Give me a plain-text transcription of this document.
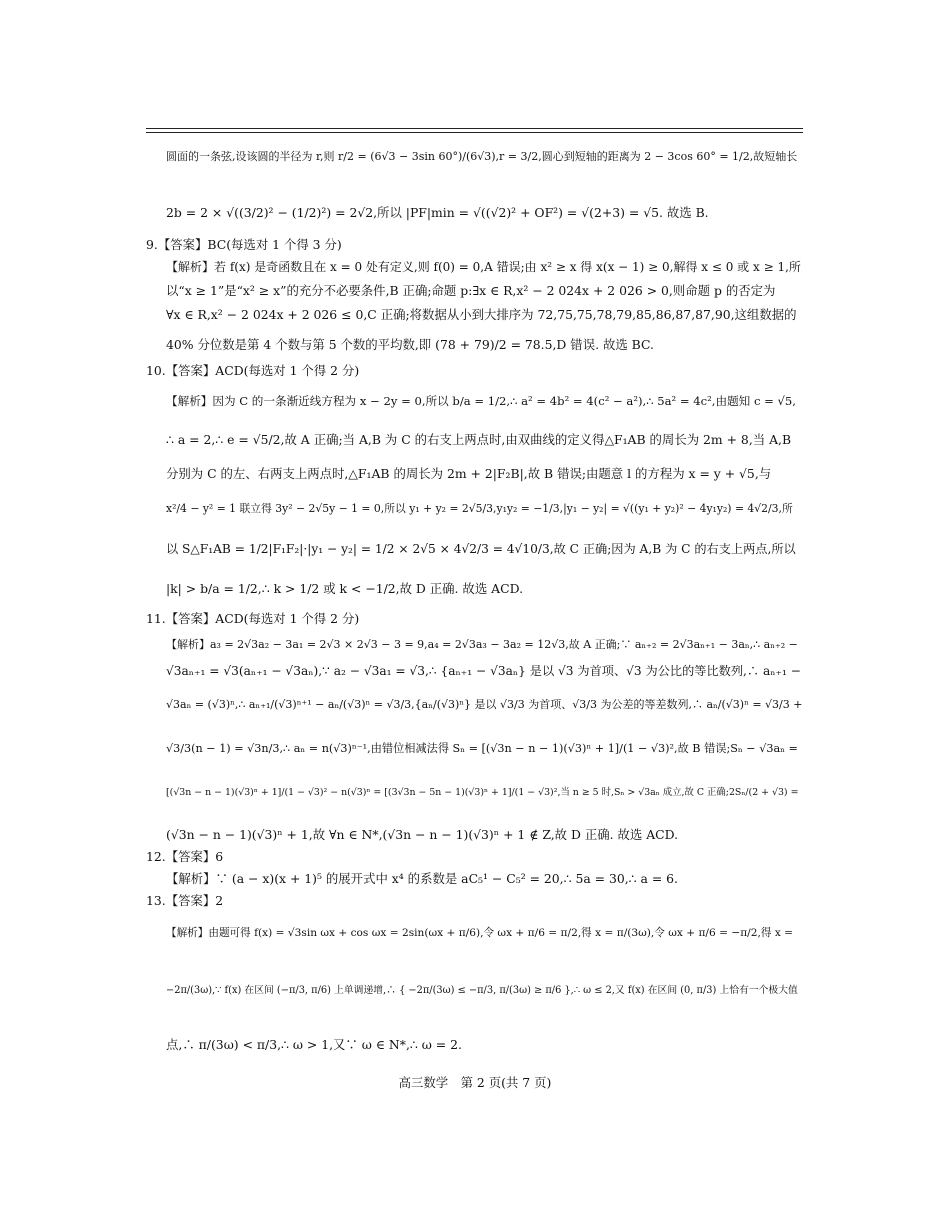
圆面的一条弦,设该圆的半径为 r,则 r/2 = (6√3 − 3sin 60°)/(6√3),r = 3/2,圆心到短轴的距离为 2 − 3cos 60° = 1/2,故短轴长
2b = 2 × √((3/2)² − (1/2)²) = 2√2,所以 |PF|min = √((√2)² + OF²) = √(2+3) = √5. 故选 B.
9.【答案】BC(每选对 1 个得 3 分)
【解析】若 f(x) 是奇函数且在 x = 0 处有定义,则 f(0) = 0,A 错误;由 x² ≥ x 得 x(x − 1) ≥ 0,解得 x ≤ 0 或 x ≥ 1,所
以“x ≥ 1”是“x² ≥ x”的充分不必要条件,B 正确;命题 p:∃x ∈ R,x² − 2 024x + 2 026 > 0,则命题 p 的否定为
∀x ∈ R,x² − 2 024x + 2 026 ≤ 0,C 正确;将数据从小到大排序为 72,75,75,78,79,85,86,87,87,90,这组数据的
40% 分位数是第 4 个数与第 5 个数的平均数,即 (78 + 79)/2 = 78.5,D 错误. 故选 BC.
10.【答案】ACD(每选对 1 个得 2 分)
【解析】因为 C 的一条渐近线方程为 x − 2y = 0,所以 b/a = 1/2,∴ a² = 4b² = 4(c² − a²),∴ 5a² = 4c²,由题知 c = √5,
∴ a = 2,∴ e = √5/2,故 A 正确;当 A,B 为 C 的右支上两点时,由双曲线的定义得△F₁AB 的周长为 2m + 8,当 A,B
分别为 C 的左、右两支上两点时,△F₁AB 的周长为 2m + 2|F₂B|,故 B 错误;由题意 l 的方程为 x = y + √5,与
x²/4 − y² = 1 联立得 3y² − 2√5y − 1 = 0,所以 y₁ + y₂ = 2√5/3,y₁y₂ = −1/3,|y₁ − y₂| = √((y₁ + y₂)² − 4y₁y₂) = 4√2/3,所
以 S△F₁AB = 1/2|F₁F₂|·|y₁ − y₂| = 1/2 × 2√5 × 4√2/3 = 4√10/3,故 C 正确;因为 A,B 为 C 的右支上两点,所以
|k| > b/a = 1/2,∴ k > 1/2 或 k < −1/2,故 D 正确. 故选 ACD.
11.【答案】ACD(每选对 1 个得 2 分)
【解析】a₃ = 2√3a₂ − 3a₁ = 2√3 × 2√3 − 3 = 9,a₄ = 2√3a₃ − 3a₂ = 12√3,故 A 正确;∵ aₙ₊₂ = 2√3aₙ₊₁ − 3aₙ,∴ aₙ₊₂ −
√3aₙ₊₁ = √3(aₙ₊₁ − √3aₙ),∵ a₂ − √3a₁ = √3,∴ {aₙ₊₁ − √3aₙ} 是以 √3 为首项、√3 为公比的等比数列,∴ aₙ₊₁ −
√3aₙ = (√3)ⁿ,∴ aₙ₊₁/(√3)ⁿ⁺¹ − aₙ/(√3)ⁿ = √3/3,{aₙ/(√3)ⁿ} 是以 √3/3 为首项、√3/3 为公差的等差数列,∴ aₙ/(√3)ⁿ = √3/3 +
√3/3(n − 1) = √3n/3,∴ aₙ = n(√3)ⁿ⁻¹,由错位相减法得 Sₙ = [(√3n − n − 1)(√3)ⁿ + 1]/(1 − √3)²,故 B 错误;Sₙ − √3aₙ =
[(√3n − n − 1)(√3)ⁿ + 1]/(1 − √3)² − n(√3)ⁿ = [(3√3n − 5n − 1)(√3)ⁿ + 1]/(1 − √3)²,当 n ≥ 5 时,Sₙ > √3aₙ 成立,故 C 正确;2Sₙ/(2 + √3) =
(√3n − n − 1)(√3)ⁿ + 1,故 ∀n ∈ N*,(√3n − n − 1)(√3)ⁿ + 1 ∉ Z,故 D 正确. 故选 ACD.
12.【答案】6
【解析】∵ (a − x)(x + 1)⁵ 的展开式中 x⁴ 的系数是 aC₅¹ − C₅² = 20,∴ 5a = 30,∴ a = 6.
13.【答案】2
【解析】由题可得 f(x) = √3sin ωx + cos ωx = 2sin(ωx + π/6),令 ωx + π/6 = π/2,得 x = π/(3ω),令 ωx + π/6 = −π/2,得 x =
−2π/(3ω),∵ f(x) 在区间 (−π/3, π/6) 上单调递增,∴ { −2π/(3ω) ≤ −π/3, π/(3ω) ≥ π/6 },∴ ω ≤ 2,又 f(x) 在区间 (0, π/3) 上恰有一个极大值
点,∴ π/(3ω) < π/3,∴ ω > 1,又∵ ω ∈ N*,∴ ω = 2.
高三数学　第 2 页(共 7 页)
